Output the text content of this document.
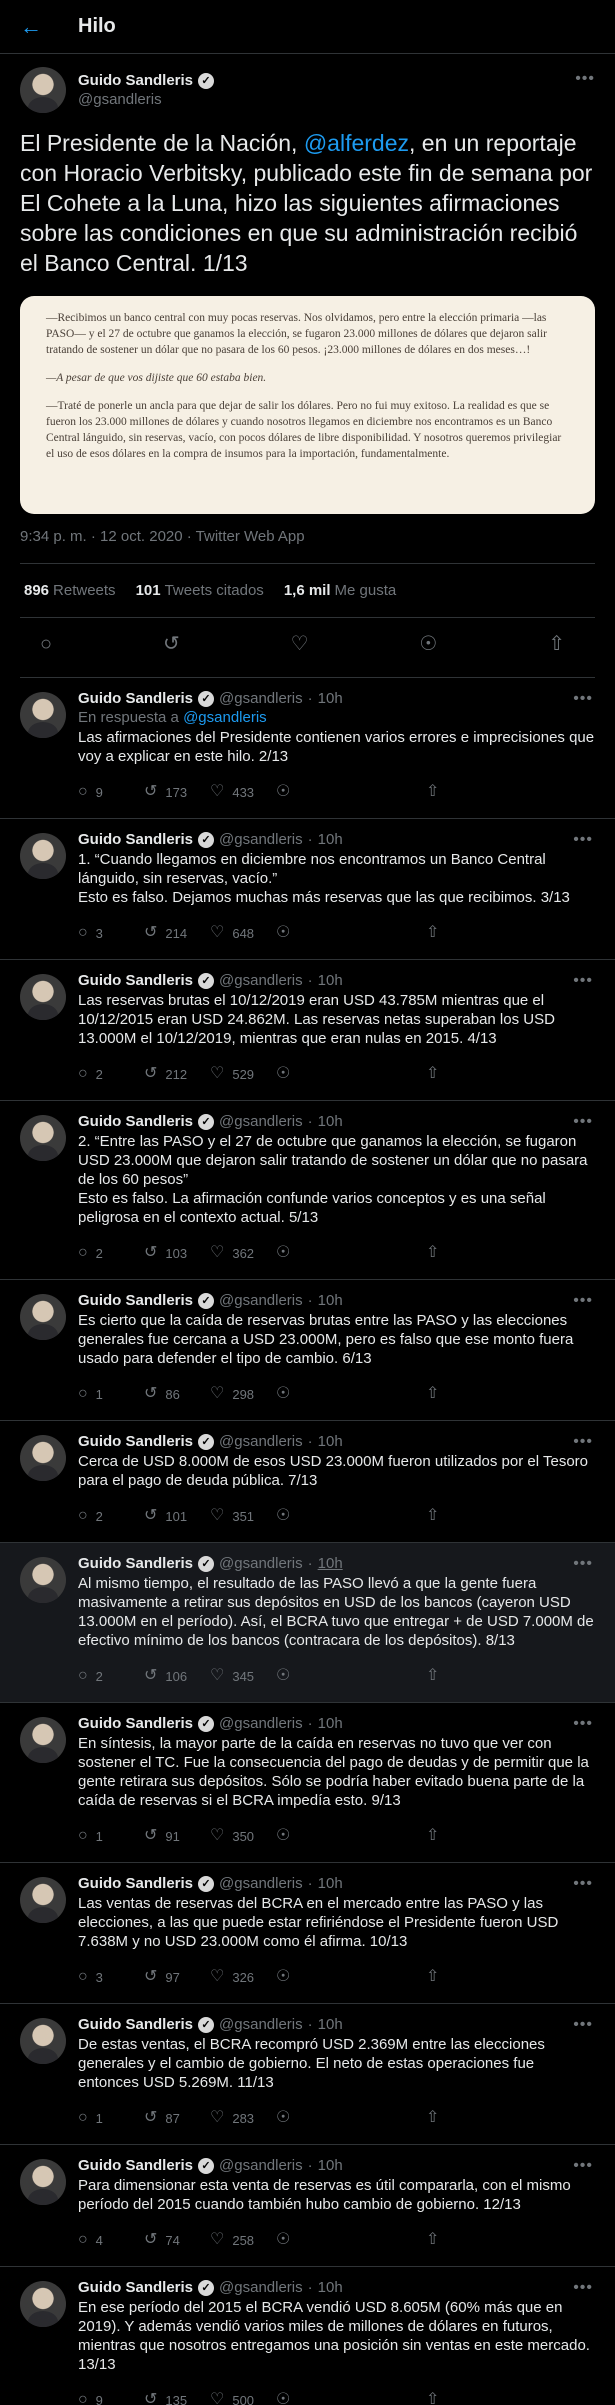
←	Hilo
Guido Sandleris ✓
@gsandleris
•••
El Presidente de la Nación, @alferdez, en un reportaje con Horacio Verbitsky, publicado este fin de semana por El Cohete a la Luna, hizo las siguientes afirmaciones sobre las condiciones en que su administración recibió el Banco Central. 1/13

—Recibimos un banco central con muy pocas reservas. Nos olvidamos, pero entre la elección primaria —las PASO— y el 27 de octubre que ganamos la elección, se fugaron 23.000 millones de dólares que dejaron salir tratando de sostener un dólar que no pasara de los 60 pesos. ¡23.000 millones de dólares en dos meses…!

—A pesar de que vos dijiste que 60 estaba bien.

—Traté de ponerle un ancla para que dejar de salir los dólares. Pero no fui muy exitoso. La realidad es que se fueron los 23.000 millones de dólares y cuando nosotros llegamos en diciembre nos encontramos es un Banco Central lánguido, sin reservas, vacío, con pocos dólares de libre disponibilidad. Y nosotros queremos privilegiar el uso de esos dólares en la compra de insumos para la importación, fundamentalmente.

9:34 p. m. · 12 oct. 2020 · Twitter Web App
896 Retweets 101 Tweets citados 1,6 mil Me gusta
○	↺	♡	☉	⇧
Guido Sandleris ✓ @gsandleris · 10h
En respuesta a @gsandleris
Las afirmaciones del Presidente contienen varios errores e imprecisiones que voy a explicar en este hilo. 2/13
○ 9	↺ 173 ♡ 433 ☉	⇧
•••
Guido Sandleris ✓ @gsandleris · 10h
1. “Cuando llegamos en diciembre nos encontramos un Banco Central lánguido, sin reservas, vacío.”
Esto es falso. Dejamos muchas más reservas que las que recibimos. 3/13
○ 3	↺ 214 ♡ 648 ☉	⇧
•••
Guido Sandleris ✓ @gsandleris · 10h
Las reservas brutas el 10/12/2019 eran USD 43.785M mientras que el 10/12/2015 eran USD 24.862M. Las reservas netas superaban los USD 13.000M el 10/12/2019, mientras que eran nulas en 2015. 4/13
○ 2	↺ 212 ♡ 529 ☉	⇧
•••
Guido Sandleris ✓ @gsandleris · 10h
2. “Entre las PASO y el 27 de octubre que ganamos la elección, se fugaron USD 23.000M que dejaron salir tratando de sostener un dólar que no pasara de los 60 pesos”
Esto es falso. La afirmación confunde varios conceptos y es una señal peligrosa en el contexto actual. 5/13
○ 2	↺ 103 ♡ 362 ☉	⇧
•••
Guido Sandleris ✓ @gsandleris · 10h
Es cierto que la caída de reservas brutas entre las PASO y las elecciones generales fue cercana a USD 23.000M, pero es falso que ese monto fuera usado para defender el tipo de cambio. 6/13
○ 1	↺ 86 ♡ 298 ☉	⇧
•••
Guido Sandleris ✓ @gsandleris · 10h
Cerca de USD 8.000M de esos USD 23.000M fueron utilizados por el Tesoro para el pago de deuda pública. 7/13
○ 2	↺ 101 ♡ 351 ☉	⇧
•••
Guido Sandleris ✓ @gsandleris · 10h
Al mismo tiempo, el resultado de las PASO llevó a que la gente fuera masivamente a retirar sus depósitos en USD de los bancos (cayeron USD 13.000M en el período). Así, el BCRA tuvo que entregar + de USD 7.000M de efectivo mínimo de los bancos (contracara de los depósitos). 8/13
○ 2	↺ 106 ♡ 345 ☉	⇧
•••
Guido Sandleris ✓ @gsandleris · 10h
En síntesis, la mayor parte de la caída en reservas no tuvo que ver con sostener el TC. Fue la consecuencia del pago de deudas y de permitir que la gente retirara sus depósitos. Sólo se podría haber evitado buena parte de la caída de reservas si el BCRA impedía esto. 9/13
○ 1	↺ 91 ♡ 350 ☉	⇧
•••
Guido Sandleris ✓ @gsandleris · 10h
Las ventas de reservas del BCRA en el mercado entre las PASO y las elecciones, a las que puede estar refiriéndose el Presidente fueron USD 7.638M y no USD 23.000M como él afirma. 10/13
○ 3	↺ 97 ♡ 326 ☉	⇧
•••
Guido Sandleris ✓ @gsandleris · 10h
De estas ventas, el BCRA recompró USD 2.369M entre las elecciones generales y el cambio de gobierno. El neto de estas operaciones fue entonces USD 5.269M. 11/13
○ 1	↺ 87 ♡ 283 ☉	⇧
•••
Guido Sandleris ✓ @gsandleris · 10h
Para dimensionar esta venta de reservas es útil compararla, con el mismo período del 2015 cuando también hubo cambio de gobierno. 12/13
○ 4	↺ 74 ♡ 258 ☉	⇧
•••
Guido Sandleris ✓ @gsandleris · 10h
En ese período del 2015 el BCRA vendió USD 8.605M (60% más que en 2019). Y además vendió varios miles de millones de dólares en futuros, mientras que nosotros entregamos una posición sin ventas en este mercado. 13/13
○ 9	↺ 135 ♡ 500 ☉	⇧
•••
